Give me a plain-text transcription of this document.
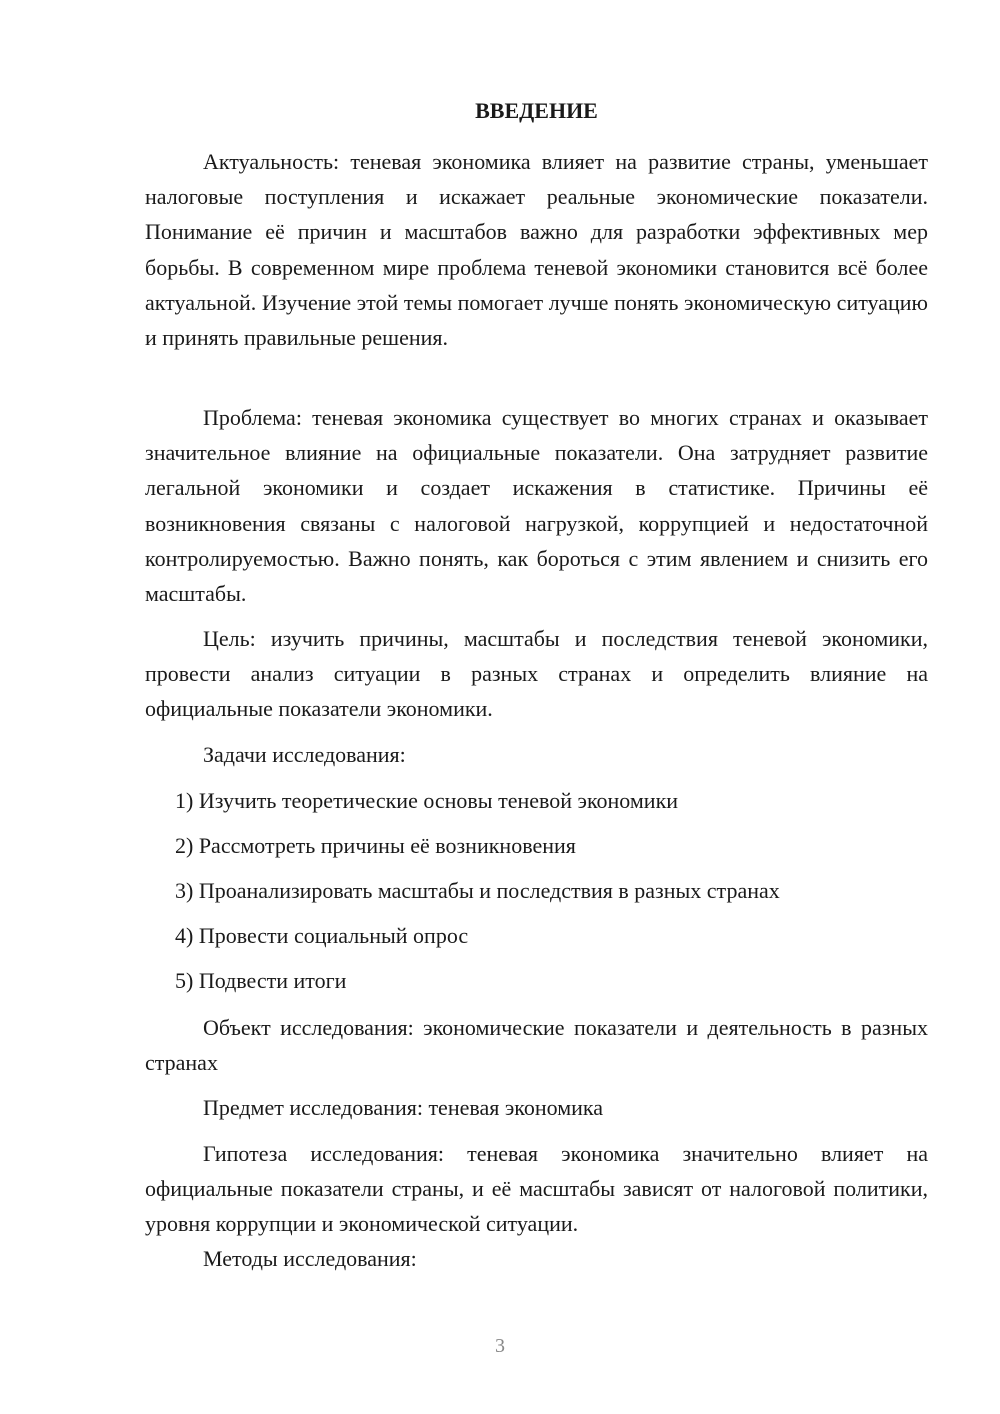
ВВЕДЕНИЕ

Актуальность: теневая экономика влияет на развитие страны, уменьшает налоговые поступления и искажает реальные экономические показатели. Понимание её причин и масштабов важно для разработки эффективных мер борьбы. В современном мире проблема теневой экономики становится всё более актуальной. Изучение этой темы помогает лучше понять экономическую ситуацию и принять правильные решения.

Проблема: теневая экономика существует во многих странах и оказывает значительное влияние на официальные показатели. Она затрудняет развитие легальной экономики и создает искажения в статистике. Причины её возникновения связаны с налоговой нагрузкой, коррупцией и недостаточной контролируемостью. Важно понять, как бороться с этим явлением и снизить его масштабы.

Цель: изучить причины, масштабы и последствия теневой экономики, провести анализ ситуации в разных странах и определить влияние на официальные показатели экономики.

Задачи исследования:

1) Изучить теоретические основы теневой экономики

2) Рассмотреть причины её возникновения

3) Проанализировать масштабы и последствия в разных странах

4) Провести социальный опрос

5) Подвести итоги

Объект исследования: экономические показатели и деятельность в разных странах

Предмет исследования: теневая экономика

Гипотеза исследования: теневая экономика значительно влияет на официальные показатели страны, и её масштабы зависят от налоговой политики, уровня коррупции и экономической ситуации.

Методы исследования:

3
